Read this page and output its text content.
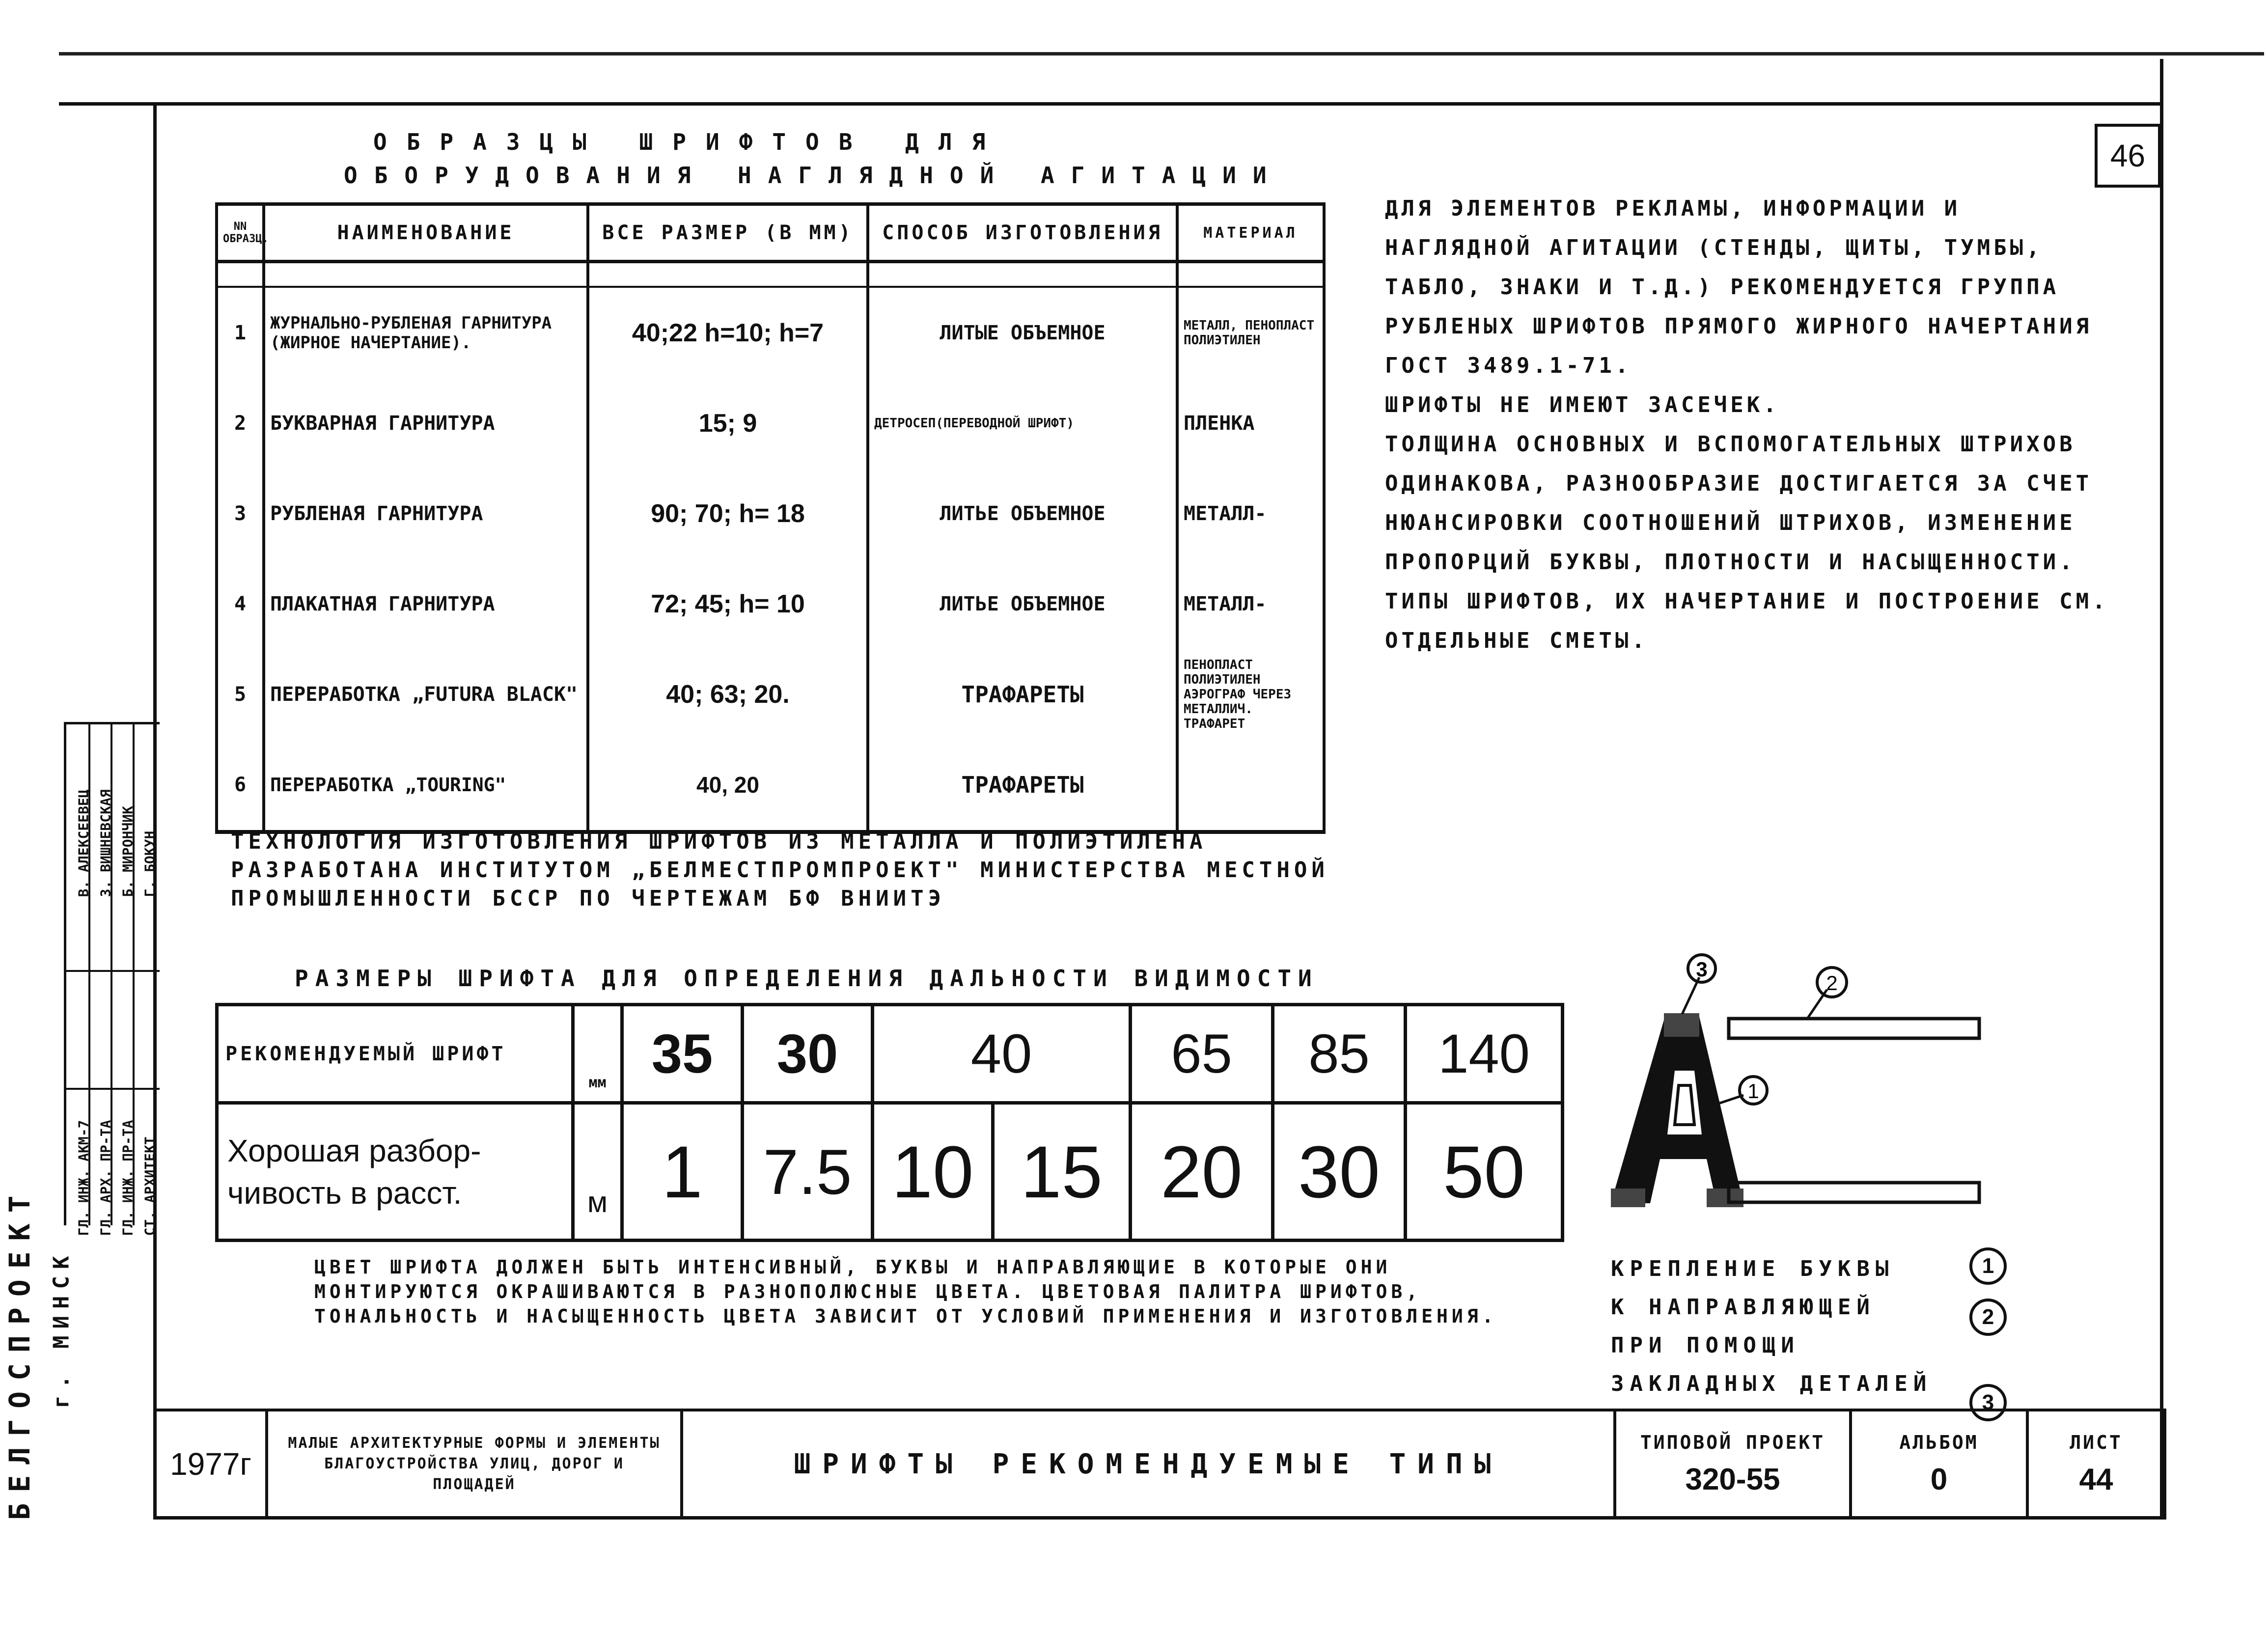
46
ОБРАЗЦЫ ШРИФТОВ ДЛЯ
ОБОРУДОВАНИЯ НАГЛЯДНОЙ АГИТАЦИИ
NN ОБРАЗЦ.	НАИМЕНОВАНИЕ	ВСЕ РАЗМЕР (В ММ)	СПОСОБ ИЗГОТОВЛЕНИЯ	МАТЕРИАЛ

1	ЖУРНАЛЬНО-РУБЛЕНАЯ ГАРНИТУРА (ЖИРНОЕ НАЧЕРТАНИЕ).	40;22 h=10; h=7	ЛИТЫЕ ОБЪЕМНОЕ	МЕТАЛЛ, ПЕНОПЛАСТ ПОЛИЭТИЛЕН
2	БУКВАРНАЯ ГАРНИТУРА	15; 9	ДЕТРОСЕП(ПЕРЕВОДНОЙ ШРИФТ)	ПЛЕНКА
3	РУБЛЕНАЯ ГАРНИТУРА	90; 70; h= 18	ЛИТЬЕ ОБЪЕМНОЕ	МЕТАЛЛ-
4	ПЛАКАТНАЯ ГАРНИТУРА	72; 45; h= 10	ЛИТЬЕ ОБЪЕМНОЕ	МЕТАЛЛ-
5	ПЕРЕРАБОТКА „FUTURA BLACK"	40; 63; 20.	ТРАФАРЕТЫ	ПЕНОПЛАСТ ПОЛИЭТИЛЕН АЭРОГРАФ ЧЕРЕЗ МЕТАЛЛИЧ. ТРАФАРЕТ
6	ПЕРЕРАБОТКА „TOURING"	40, 20	ТРАФАРЕТЫ	
ДЛЯ ЭЛЕМЕНТОВ РЕКЛАМЫ, ИНФОРМАЦИИ И НАГЛЯДНОЙ АГИТАЦИИ (СТЕНДЫ, ЩИТЫ, ТУМБЫ, ТАБЛО, ЗНАКИ И Т.Д.) РЕКОМЕНДУЕТСЯ ГРУППА РУБЛЕНЫХ ШРИФТОВ ПРЯМОГО ЖИРНОГО НАЧЕРТАНИЯ ГОСТ 3489.1-71.
ШРИФТЫ НЕ ИМЕЮТ ЗАСЕЧЕК.
ТОЛЩИНА ОСНОВНЫХ И ВСПОМОГАТЕЛЬНЫХ ШТРИХОВ ОДИНАКОВА, РАЗНООБРАЗИЕ ДОСТИГАЕТСЯ ЗА СЧЕТ НЮАНСИРОВКИ СООТНОШЕНИЙ ШТРИХОВ, ИЗМЕНЕНИЕ ПРОПОРЦИЙ БУКВЫ, ПЛОТНОСТИ И НАСЫЩЕННОСТИ.
ТИПЫ ШРИФТОВ, ИХ НАЧЕРТАНИЕ И ПОСТРОЕНИЕ СМ. ОТДЕЛЬНЫЕ СМЕТЫ.
ТЕХНОЛОГИЯ ИЗГОТОВЛЕНИЯ ШРИФТОВ ИЗ МЕТАЛЛА И ПОЛИЭТИЛЕНА РАЗРАБОТАНА ИНСТИТУТОМ „БЕЛМЕСТПРОМПРОЕКТ" МИНИСТЕРСТВА МЕСТНОЙ ПРОМЫШЛЕННОСТИ БССР ПО ЧЕРТЕЖАМ БФ ВНИИТЭ
РАЗМЕРЫ ШРИФТА ДЛЯ ОПРЕДЕЛЕНИЯ ДАЛЬНОСТИ ВИДИМОСТИ
РЕКОМЕНДУЕМЫЙ ШРИФТ	мм	35	30	40		65	85	140

Хорошая разбор-
чивость в расст.	м	1	7.5	10	15	20	30	50
ЦВЕТ ШРИФТА ДОЛЖЕН БЫТЬ ИНТЕНСИВНЫЙ, БУКВЫ И НАПРАВЛЯЮЩИЕ В КОТОРЫЕ ОНИ МОНТИРУЮТСЯ ОКРАШИВАЮТСЯ В РАЗНОПОЛЮСНЫЕ ЦВЕТА. ЦВЕТОВАЯ ПАЛИТРА ШРИФТОВ, ТОНАЛЬНОСТЬ И НАСЫЩЕННОСТЬ ЦВЕТА ЗАВИСИТ ОТ УСЛОВИЙ ПРИМЕНЕНИЯ И ИЗГОТОВЛЕНИЯ.
3
2
1
КРЕПЛЕНИЕ БУКВЫ
К НАПРАВЛЯЮЩЕЙ
ПРИ ПОМОЩИ
ЗАКЛАДНЫХ ДЕТАЛЕЙ
1
2
3
БЕЛГОСПРОЕКТ г. МИНСК
ГЛ. ИНЖ. АКМ-7 ГЛ. АРХ. ПР-ТА ГЛ. ИНЖ. ПР-ТА СТ. АРХИТЕКТ
В. АЛЕКСЕЕВЕЦ З. ВИШНЕВСКАЯ Б. МИРОНЧИК Г. БОКУН
1977г	МАЛЫЕ АРХИТЕКТУРНЫЕ ФОРМЫ И ЭЛЕМЕНТЫ БЛАГОУСТРОЙСТВА УЛИЦ, ДОРОГ И ПЛОЩАДЕЙ	ШРИФТЫ РЕКОМЕНДУЕМЫЕ ТИПЫ	
ТИПОВОЙ ПРОЕКТ
320-55

АЛЬБОМ
0

ЛИСТ
44
